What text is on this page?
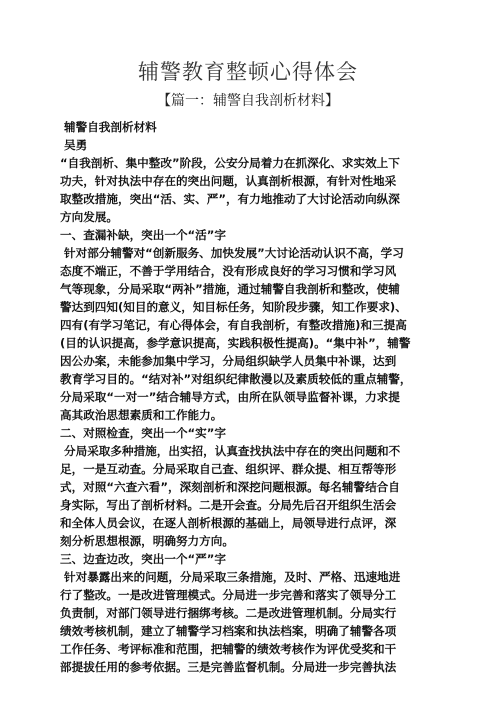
辅警教育整顿心得体会
【篇一：辅警自我剖析材料】
辅警自我剖析材料
吴勇
“自我剖析、集中整改”阶段，公安分局着力在抓深化、求实效上下
功夫，针对执法中存在的突出问题，认真剖析根源，有针对性地采
取整改措施，突出“活、实、严”，有力地推动了大讨论活动向纵深
方向发展。
一、查漏补缺，突出一个“活”字
针对部分辅警对“创新服务、加快发展”大讨论活动认识不高，学习
态度不端正，不善于学用结合，没有形成良好的学习习惯和学习风
气等现象，分局采取“两补”措施，通过辅警自我剖析和整改，使辅
警达到四知(知目的意义，知目标任务，知阶段步骤，知工作要求)、
四有(有学习笔记，有心得体会，有自我剖析，有整改措施)和三提高
(目的认识提高，参学意识提高，实践积极性提高)。“集中补”，辅警
因公办案，未能参加集中学习，分局组织缺学人员集中补课，达到
教育学习目的。“结对补”对组织纪律散漫以及素质较低的重点辅警，
分局采取“一对一”结合辅导方式，由所在队领导监督补课，力求提
高其政治思想素质和工作能力。
二、对照检查，突出一个“实”字
分局采取多种措施，出实招，认真查找执法中存在的突出问题和不
足，一是互动查。分局采取自己查、组织评、群众提、相互帮等形
式，对照“六查六看”，深刻剖析和深挖问题根源。每名辅警结合自
身实际，写出了剖析材料。二是开会查。分局先后召开组织生活会
和全体人员会议，在逐人剖析根源的基础上，局领导进行点评，深
刻分析思想根源，明确努力方向。
三、边查边改，突出一个“严”字
针对暴露出来的问题，分局采取三条措施，及时、严格、迅速地进
行了整改。一是改进管理模式。分局进一步完善和落实了领导分工
负责制，对部门领导进行捆绑考核。二是改进管理机制。分局实行
绩效考核机制，建立了辅警学习档案和执法档案，明确了辅警各项
工作任务、考评标准和范围，把辅警的绩效考核作为评优受奖和干
部提拔任用的参考依据。三是完善监督机制。分局进一步完善执法
